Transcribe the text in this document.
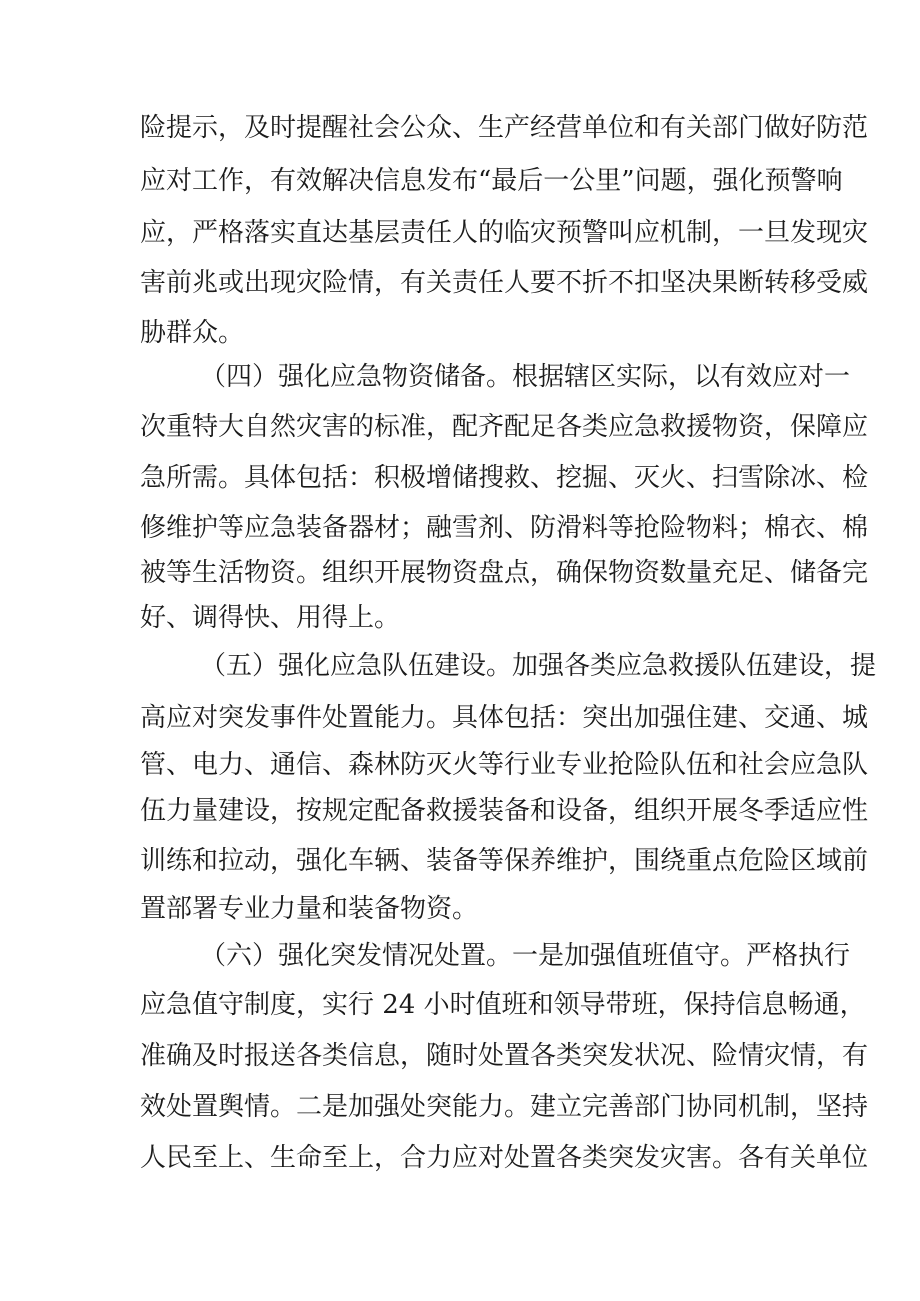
险提示，及时提醒社会公众、生产经营单位和有关部门做好防范

应对工作，有效解决信息发布“最后一公里”问题，强化预警响

应，严格落实直达基层责任人的临灾预警叫应机制，一旦发现灾

害前兆或出现灾险情，有关责任人要不折不扣坚决果断转移受威

胁群众。

（四）强化应急物资储备。根据辖区实际，以有效应对一

次重特大自然灾害的标准，配齐配足各类应急救援物资，保障应

急所需。具体包括：积极增储搜救、挖掘、灭火、扫雪除冰、检

修维护等应急装备器材；融雪剂、防滑料等抢险物料；棉衣、棉

被等生活物资。组织开展物资盘点，确保物资数量充足、储备完

好、调得快、用得上。

（五）强化应急队伍建设。加强各类应急救援队伍建设，提

高应对突发事件处置能力。具体包括：突出加强住建、交通、城

管、电力、通信、森林防灭火等行业专业抢险队伍和社会应急队

伍力量建设，按规定配备救援装备和设备，组织开展冬季适应性

训练和拉动，强化车辆、装备等保养维护，围绕重点危险区域前

置部署专业力量和装备物资。

（六）强化突发情况处置。一是加强值班值守。严格执行

应急值守制度，实行 24 小时值班和领导带班，保持信息畅通，

准确及时报送各类信息，随时处置各类突发状况、险情灾情，有

效处置舆情。二是加强处突能力。建立完善部门协同机制，坚持

人民至上、生命至上，合力应对处置各类突发灾害。各有关单位
